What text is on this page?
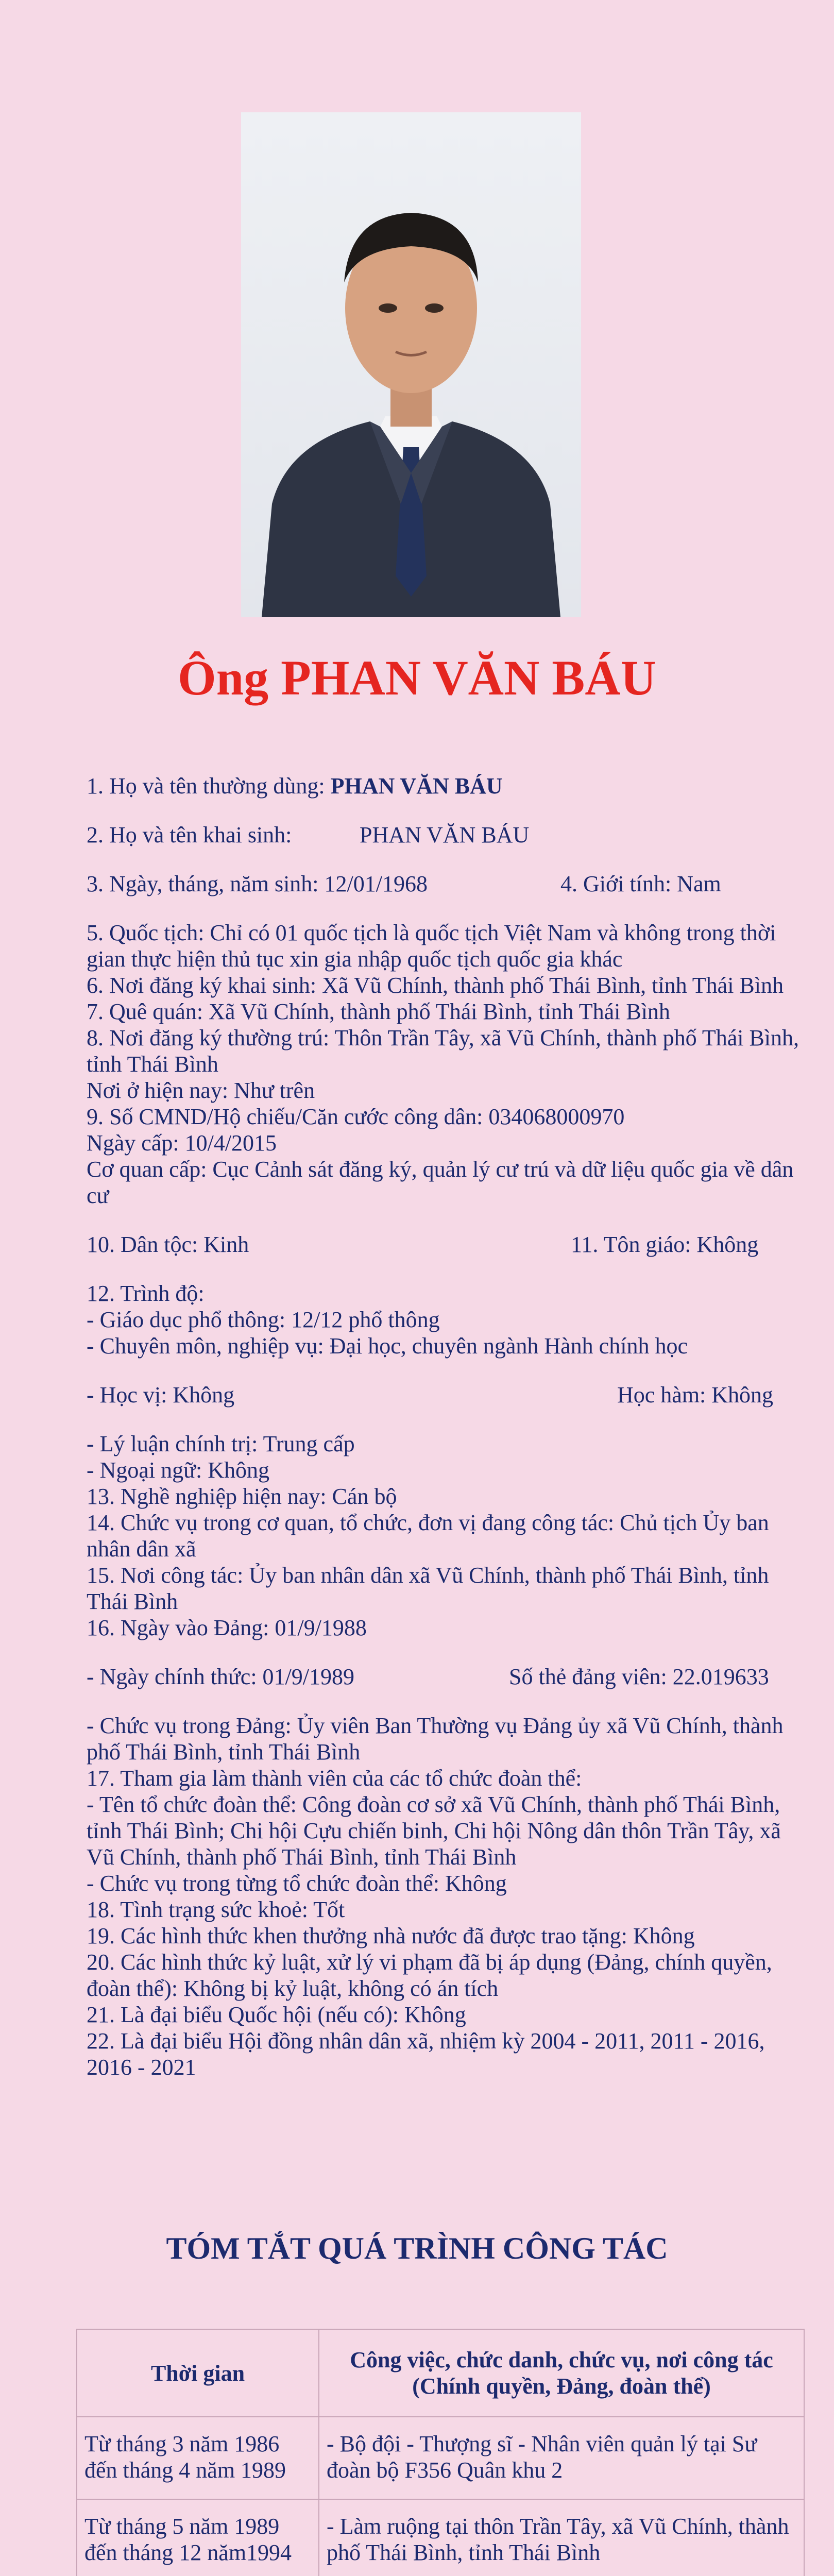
Ông PHAN VĂN BÁU

1. Họ và tên thường dùng: PHAN VĂN BÁU

2. Họ và tên khai sinh:	PHAN VĂN BÁU

3. Ngày, tháng, năm sinh: 12/01/1968	4. Giới tính: Nam

5. Quốc tịch: Chỉ có 01 quốc tịch là quốc tịch Việt Nam và không trong thời gian thực hiện thủ tục xin gia nhập quốc tịch quốc gia khác

6. Nơi đăng ký khai sinh: Xã Vũ Chính, thành phố Thái Bình, tỉnh Thái Bình

7. Quê quán: Xã Vũ Chính, thành phố Thái Bình, tỉnh Thái Bình

8. Nơi đăng ký thường trú: Thôn Trần Tây, xã Vũ Chính, thành phố Thái Bình, tỉnh Thái Bình

Nơi ở hiện nay: Như trên

9. Số CMND/Hộ chiếu/Căn cước công dân: 034068000970

Ngày cấp: 10/4/2015

Cơ quan cấp: Cục Cảnh sát đăng ký, quản lý cư trú và dữ liệu quốc gia về dân cư

10. Dân tộc: Kinh	11. Tôn giáo: Không

12. Trình độ:

- Giáo dục phổ thông: 12/12 phổ thông

- Chuyên môn, nghiệp vụ: Đại học, chuyên ngành Hành chính học

- Học vị: Không	Học hàm: Không

- Lý luận chính trị: Trung cấp

- Ngoại ngữ: Không

13. Nghề nghiệp hiện nay: Cán bộ

14. Chức vụ trong cơ quan, tổ chức, đơn vị đang công tác: Chủ tịch Ủy ban nhân dân xã

15. Nơi công tác: Ủy ban nhân dân xã Vũ Chính, thành phố Thái Bình, tỉnh Thái Bình

16. Ngày vào Đảng: 01/9/1988

- Ngày chính thức: 01/9/1989	Số thẻ đảng viên: 22.019633

- Chức vụ trong Đảng: Ủy viên Ban Thường vụ Đảng ủy xã Vũ Chính, thành phố Thái Bình, tỉnh Thái Bình

17. Tham gia làm thành viên của các tổ chức đoàn thể:

- Tên tổ chức đoàn thể: Công đoàn cơ sở xã Vũ Chính, thành phố Thái Bình, tỉnh Thái Bình; Chi hội Cựu chiến binh, Chi hội Nông dân thôn Trần Tây, xã Vũ Chính, thành phố Thái Bình, tỉnh Thái Bình

- Chức vụ trong từng tổ chức đoàn thể: Không

18. Tình trạng sức khoẻ: Tốt

19. Các hình thức khen thưởng nhà nước đã được trao tặng: Không

20. Các hình thức kỷ luật, xử lý vi phạm đã bị áp dụng (Đảng, chính quyền, đoàn thể): Không bị kỷ luật, không có án tích

21. Là đại biểu Quốc hội (nếu có): Không

22. Là đại biểu Hội đồng nhân dân xã, nhiệm kỳ 2004 - 2011, 2011 - 2016, 2016 - 2021

TÓM TẮT QUÁ TRÌNH CÔNG TÁC
Thời gian	Công việc, chức danh, chức vụ, nơi công tác (Chính quyền, Đảng, đoàn thể)
Từ tháng 3 năm 1986 đến tháng 4 năm 1989	- Bộ đội - Thượng sĩ - Nhân viên quản lý tại Sư đoàn bộ F356 Quân khu 2
Từ tháng 5 năm 1989 đến tháng 12 năm1994	- Làm ruộng tại thôn Trần Tây, xã Vũ Chính, thành phố Thái Bình, tỉnh Thái Bình
